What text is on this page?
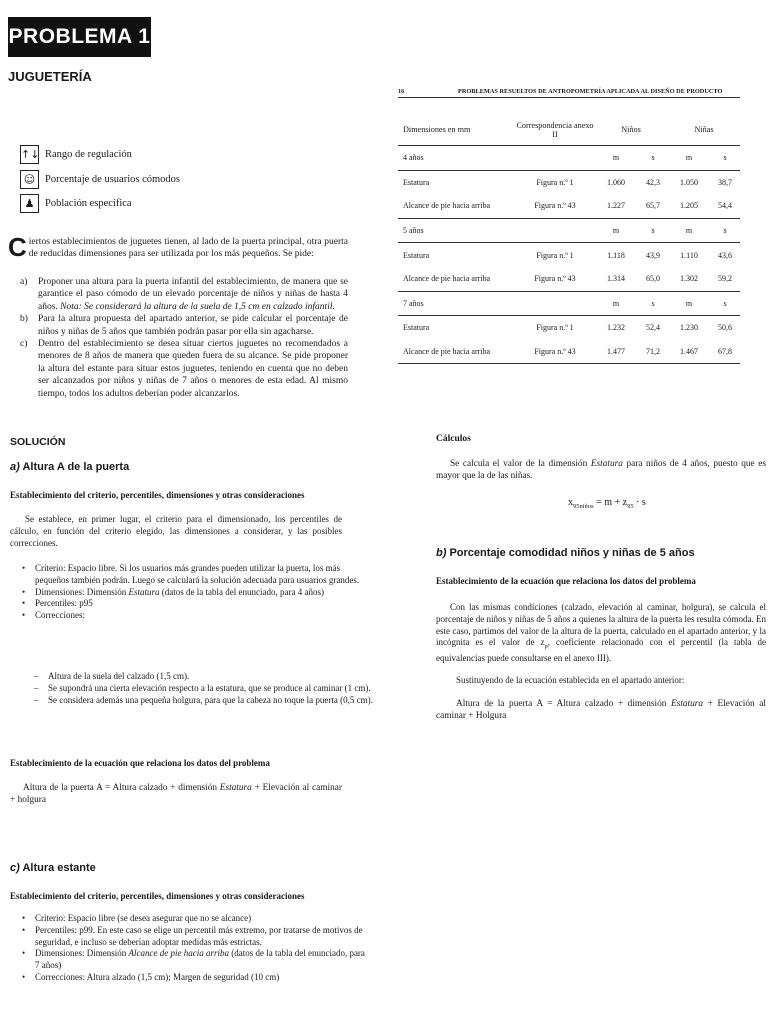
PROBLEMA 1
JUGUETERÍA
↑↓ Rango de regulación
☺ Porcentaje de usuarios cómodos
♟ Población específica
Ciertos establecimientos de juguetes tienen, al lado de la puerta principal, otra puerta de reducidas dimensiones para ser utilizada por los más pequeños. Se pide:
a) Proponer una altura para la puerta infantil del establecimiento, de manera que se garantice el paso cómodo de un elevado porcentaje de niños y niñas de hasta 4 años. Nota: Se considerará la altura de la suela de 1,5 cm en calzado infantil.
b) Para la altura propuesta del apartado anterior, se pide calcular el porcentaje de niños y niñas de 5 años que también podrán pasar por ella sin agacharse.
c) Dentro del establecimiento se desea situar ciertos juguetes no recomendados a menores de 8 años de manera que queden fuera de su alcance. Se pide proponer la altura del estante para situar estos juguetes, teniendo en cuenta que no deben ser alcanzados por niños y niñas de 7 años o menores de esta edad. Al mismo tiempo, todos los adultos deberían poder alcanzarlos.
SOLUCIÓN
a) Altura A de la puerta
Establecimiento del criterio, percentiles, dimensiones y otras consideraciones
Se establece, en primer lugar, el criterio para el dimensionado, los percentiles de cálculo, en función del criterio elegido, las dimensiones a considerar, y las posibles correcciones.
• Criterio: Espacio libre. Si los usuarios más grandes pueden utilizar la puerta, los más pequeños también podrán. Luego se calculará la solución adecuada para usuarios grandes.
• Dimensiones: Dimensión Estatura (datos de la tabla del enunciado, para 4 años)
• Percentiles: p95
• Correcciones:
– Altura de la suela del calzado (1,5 cm).
– Se supondrá una cierta elevación respecto a la estatura, que se produce al caminar (1 cm).
– Se considera además una pequeña holgura, para que la cabeza no toque la puerta (0,5 cm).
Establecimiento de la ecuación que relaciona los datos del problema
Altura de la puerta A = Altura calzado + dimensión Estatura + Elevación al caminar + holgura
c) Altura estante
Establecimiento del criterio, percentiles, dimensiones y otras consideraciones
• Criterio: Espacio libre (se desea asegurar que no se alcance)
• Percentiles: p99. En este caso se elige un percentil más extremo, por tratarse de motivos de seguridad, e incluso se deberían adoptar medidas más estrictas.
• Dimensiones: Dimensión Alcance de pie hacia arriba (datos de la tabla del enunciado, para 7 años)
• Correcciones: Altura alzado (1,5 cm); Margen de seguridad (10 cm)
16	PROBLEMAS RESUELTOS DE ANTROPOMETRÍA APLICADA AL DISEÑO DE PRODUCTO
Dimensiones en mm	Correspondencia anexo II	Niños		Niñas	
4 años		m	s	m	s
Estatura	Figura n.º 1	1.060	42,3	1.050	38,7
Alcance de pie hacia arriba	Figura n.º 43	1.227	65,7	1.205	54,4
5 años		m	s	m	s
Estatura	Figura n.º 1	1.118	43,9	1.110	43,6
Alcance de pie hacia arriba	Figura n.º 43	1.314	65,0	1.302	59,2
7 años		m	s	m	s
Estatura	Figura n.º 1	1.232	52,4	1.230	50,6
Alcance de pie hacia arriba	Figura n.º 43	1.477	71,2	1.467	67,8
Cálculos
Se calcula el valor de la dimensión Estatura para niños de 4 años, puesto que es mayor que la de las niñas.
$x_{95niños} = m + z_{95} \cdot s$
b) Porcentaje comodidad niños y niñas de 5 años
Establecimiento de la ecuación que relaciona los datos del problema
Con las mismas condiciones (calzado, elevación al caminar, holgura), se calcula el porcentaje de niños y niñas de 5 años a quienes la altura de la puerta les resulta cómoda. En este caso, partimos del valor de la altura de la puerta, calculado en el apartado anterior, y la incógnita es el valor de $z_p$, coeficiente relacionado con el percentil (la tabla de equivalencias puede consultarse en el anexo III).
Sustituyendo de la ecuación establecida en el apartado anterior:
Altura de la puerta A = Altura calzado + dimensión Estatura + Elevación al caminar + Holgura
